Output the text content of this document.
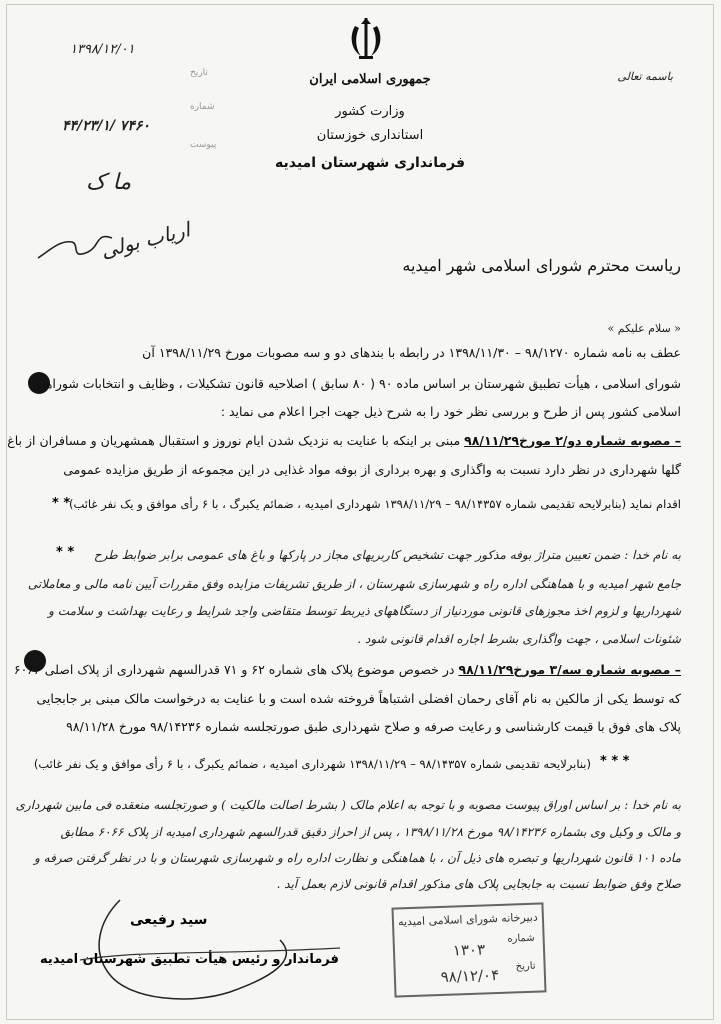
۱۳۹۸/۱۲/۰۱
تاریخ
۴۴/۲۳/۱/ ۷۴۶۰
شماره
پیوست
باسمه تعالی
جمهوری اسلامی ایران
وزارت کشور
استانداری خوزستان
فرمانداری شهرستان امیدیه
ما ک
اریاب بولی
ریاست محترم شورای اسلامی شهر امیدیه
« سلام علیکم »
عطف به نامه شماره ۹۸/۱۲۷۰ – ۱۳۹۸/۱۱/۳۰ در رابطه با بندهای دو و سه مصوبات مورخ ۱۳۹۸/۱۱/۲۹ آن
شورای اسلامی ، هیأت تطبیق شهرستان بر اساس ماده ۹۰ ( ۸۰ سابق ) اصلاحیه قانون تشکیلات ، وظایف و انتخابات شوراهای
اسلامی کشور پس از طرح و بررسی نظر خود را به شرح ذیل جهت اجرا اعلام می نماید :
– مصوبه شماره دو/۲ مورخ۹۸/۱۱/۲۹ مبنی بر اینکه با عنایت به نزدیک شدن ایام نوروز و استقبال همشهریان و مسافران از باغ
گلها شهرداری در نظر دارد نسبت به واگذاری و بهره برداری از بوفه مواد غذایی در این مجموعه از طریق مزایده عمومی
اقدام نماید (بنابرلایحه تقدیمی شماره ۹۸/۱۴۳۵۷ – ۱۳۹۸/۱۱/۲۹ شهرداری امیدیه ، ضمائم یکبرگ ، با ۶ رأی موافق و یک نفر غائب)
* *
* *	به نام خدا : ضمن تعیین متراژ بوفه مذکور جهت تشخیص کاربریهای مجاز در پارکها و باغ های عمومی برابر ضوابط طرح
جامع شهر امیدیه و با هماهنگی اداره راه و شهرسازی شهرستان ، از طریق تشریفات مزایده وفق مقررات آیین نامه مالی و معاملاتی
شهرداریها و لزوم اخذ مجوزهای قانونی موردنیاز از دستگاههای ذیربط توسط متقاضی واجد شرایط و رعایت بهداشت و سلامت و
شئونات اسلامی ، جهت واگذاری بشرط اجاره اقدام قانونی شود .
– مصوبه شماره سه/۳ مورخ۹۸/۱۱/۲۹ در خصوص موضوع پلاک های شماره ۶۲ و ۷۱ قدرالسهم شهرداری از پلاک اصلی ۶۰۶۶
که توسط یکی از مالکین به نام آقای رحمان افضلی اشتباهاً فروخته شده است و با عنایت به درخواست مالک مبنی بر جابجایی
پلاک های فوق با قیمت کارشناسی و رعایت صرفه و صلاح شهرداری طبق صورتجلسه شماره ۹۸/۱۴۲۳۶ مورخ ۹۸/۱۱/۲۸
(بنابرلایحه تقدیمی شماره ۹۸/۱۴۳۵۷ – ۱۳۹۸/۱۱/۲۹ شهرداری امیدیه ، ضمائم یکبرگ ، با ۶ رأی موافق و یک نفر غائب) * * *
به نام خدا : بر اساس اوراق پیوست مصوبه و با توجه به اعلام مالک ( بشرط اصالت مالکیت ) و صورتجلسه منعقده فی مابین شهرداری
و مالک و وکیل وی بشماره ۹۸/۱۴۲۳۶ مورخ ۱۳۹۸/۱۱/۲۸ ، پس از احراز دقیق قدرالسهم شهرداری امیدیه از پلاک ۶۰۶۶ مطابق
ماده ۱۰۱ قانون شهرداریها و تبصره های ذیل آن ، با هماهنگی و نظارت اداره راه و شهرسازی شهرستان و با در نظر گرفتن صرفه و
صلاح وفق ضوابط نسبت به جابجایی پلاک های مذکور اقدام قانونی لازم بعمل آید .
سید رفیعی
فرماندار و رئیس هیأت تطبیق شهرستان امیدیه
دبیرخانه شورای اسلامی امیدیه
شماره
۱۳۰۳
تاریخ
۹۸/۱۲/۰۴
